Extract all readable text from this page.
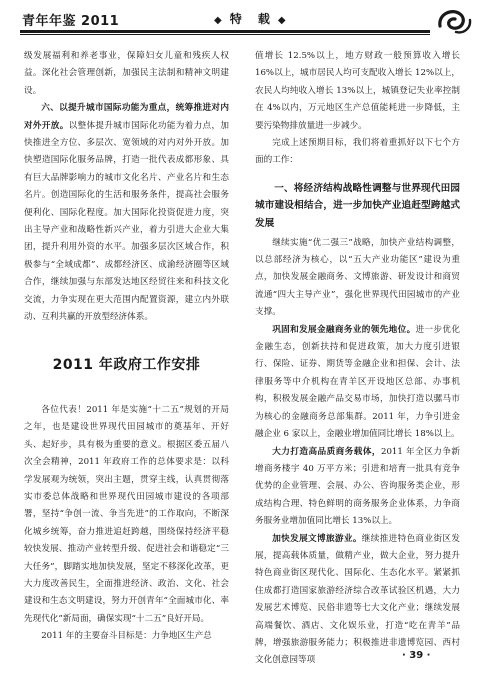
青年年鉴 2011	◆ 特 载 ◆

级发展福利和养老事业，保障妇女儿童和残疾人权益。深化社会管理创新，加强民主法制和精神文明建设。

六、以提升城市国际功能为重点，统筹推进对内对外开放。以整体提升城市国际化功能为着力点，加快推进全方位、多层次、宽领域的对内对外开放。加快塑造国际化服务品牌，打造一批代表成都形象、具有巨大品牌影响力的城市文化名片、产业名片和生态名片。创造国际化的生活和服务条件，提高社会服务便利化、国际化程度。加大国际化投资促进力度，突出主导产业和战略性新兴产业，着力引进大企业大集团，提升利用外资的水平。加强多层次区域合作，积极参与“全域成都”、成都经济区、成渝经济圈等区域合作，继续加强与东部发达地区经贸往来和科技文化交流，力争实现在更大范围内配置资源，建立内外联动、互利共赢的开放型经济体系。

2011 年政府工作安排

各位代表！2011 年是实施“十二五”规划的开局之年，也是建设世界现代田园城市的奠基年、开好头、起好步，具有极为重要的意义。根据区委五届八次全会精神，2011 年政府工作的总体要求是：以科学发展观为统领，突出主题，贯穿主线，认真贯彻落实市委总体战略和世界现代田园城市建设的各项部署，坚持“争创一流、争当先进”的工作取向，不断深化城乡统筹，奋力推进追赶跨越，围绕保持经济平稳较快发展、推动产业转型升级、促进社会和谐稳定“三大任务”，脚踏实地加快发展，坚定不移深化改革，更大力度改善民生，全面推进经济、政治、文化、社会建设和生态文明建设，努力开创青年“全面城市化、率先现代化”新局面，确保实现“十二五”良好开局。

2011 年的主要奋斗目标是：力争地区生产总

值增长 12.5%以上，地方财政一般预算收入增长 16%以上，城市居民人均可支配收入增长 12%以上，农民人均纯收入增长 13%以上，城镇登记失业率控制在 4%以内，万元地区生产总值能耗进一步降低，主要污染物排放量进一步减少。

完成上述预期目标，我们将着重抓好以下七个方面的工作：

一、将经济结构战略性调整与世界现代田园城市建设相结合，进一步加快产业追赶型跨越式发展

继续实施“优二强三”战略，加快产业结构调整，以总部经济为核心，以“五大产业功能区”建设为重点，加快发展金融商务、文博旅游、研发设计和商贸流通“四大主导产业”，强化世界现代田园城市的产业支撑。

巩固和发展金融商务业的领先地位。进一步优化金融生态，创新扶持和促进政策，加大力度引进银行、保险、证券、期货等金融企业和担保、会计、法律服务等中介机构在青羊区开设地区总部、办事机构，积极发展金融产品交易市场，加快打造以骡马市为核心的金融商务总部集群。2011 年，力争引进金融企业 6 家以上，金融业增加值同比增长 18%以上。

大力打造高品质商务载体，2011 年全区力争新增商务楼宇 40 万平方米；引进和培育一批具有竞争优势的企业管理、会展、办公、咨询服务类企业，形成结构合理、特色鲜明的商务服务企业体系，力争商务服务业增加值同比增长 13%以上。

加快发展文博旅游业。继续推进特色商业街区发展，提高载体质量，做精产业，做大企业，努力提升特色商业街区现代化、国际化、生态化水平。紧紧抓住成都打造国家旅游经济综合改革试验区机遇，大力发展艺术博览、民俗非遗等七大文化产业；继续发展高端餐饮、酒店、文化娱乐业，打造“吃在青羊”品牌，增强旅游服务能力；积极推进非遗博览园、西村文化创意园等项	· 39 ·
